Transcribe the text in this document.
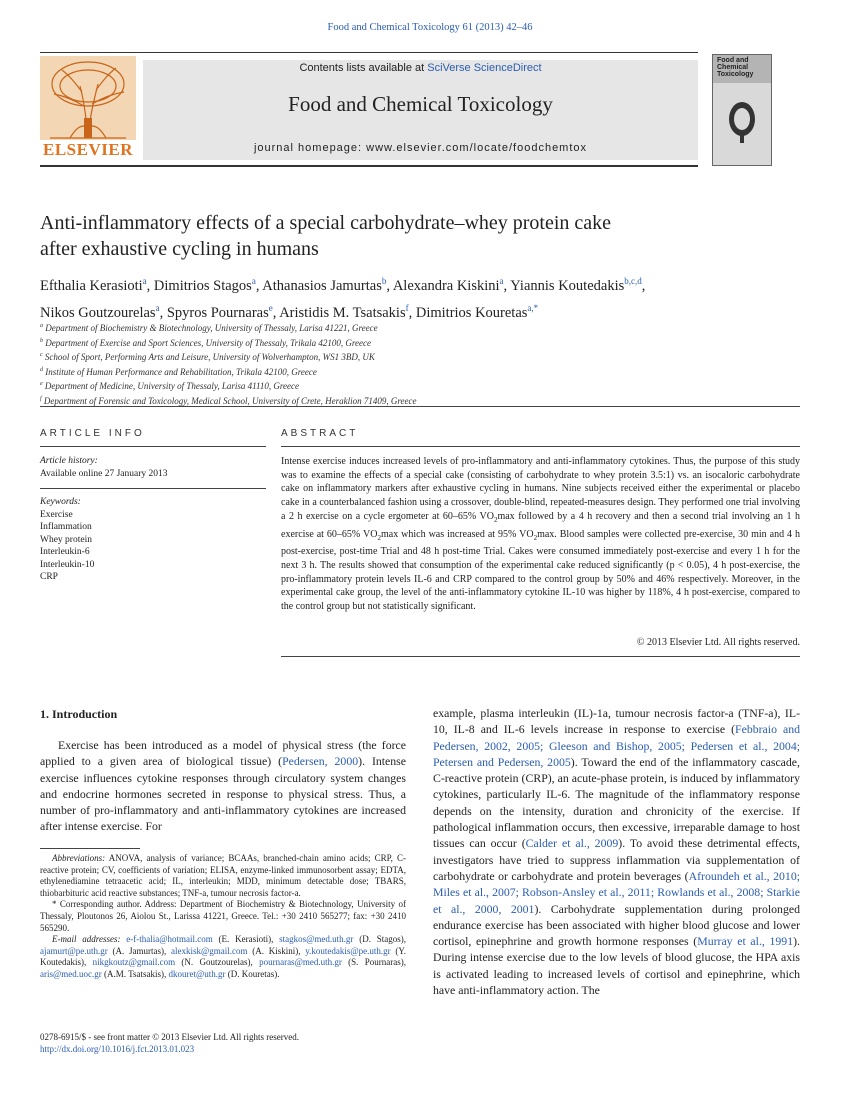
Food and Chemical Toxicology 61 (2013) 42–46
Contents lists available at SciVerse ScienceDirect
Food and Chemical Toxicology
journal homepage: www.elsevier.com/locate/foodchemtox
ELSEVIER
Food and Chemical Toxicology
Anti-inflammatory effects of a special carbohydrate–whey protein cake
after exhaustive cycling in humans
Efthalia Kerasioti$^a$, Dimitrios Stagos$^a$, Athanasios Jamurtas$^b$, Alexandra Kiskini$^a$, Yiannis Koutedakis$^{b,c,d}$,
Nikos Goutzourelas$^a$, Spyros Pournaras$^e$, Aristidis M. Tsatsakis$^f$, Dimitrios Kouretas$^{a,*}$
$^a$ Department of Biochemistry & Biotechnology, University of Thessaly, Larisa 41221, Greece
$^b$ Department of Exercise and Sport Sciences, University of Thessaly, Trikala 42100, Greece
$^c$ School of Sport, Performing Arts and Leisure, University of Wolverhampton, WS1 3BD, UK
$^d$ Institute of Human Performance and Rehabilitation, Trikala 42100, Greece
$^e$ Department of Medicine, University of Thessaly, Larisa 41110, Greece
$^f$ Department of Forensic and Toxicology, Medical School, University of Crete, Heraklion 71409, Greece
ARTICLE INFO
Article history:
Available online 27 January 2013
Keywords:
Exercise
Inflammation
Whey protein
Interleukin-6
Interleukin-10
CRP
ABSTRACT
Intense exercise induces increased levels of pro-inflammatory and anti-inflammatory cytokines. Thus, the purpose of this study was to examine the effects of a special cake (consisting of carbohydrate to whey protein 3.5:1) vs. an isocaloric carbohydrate cake on inflammatory markers after exhaustive cycling in humans. Nine subjects received either the experimental or placebo cake in a counterbalanced fashion using a crossover, double-blind, repeated-measures design. They performed one trial involving a 2 h exercise on a cycle ergometer at 60–65% $VO_2\max$ followed by a 4 h recovery and then a second trial involving an 1 h exercise at 60–65% $VO_2\max$ which was increased at 95% $VO_2\max$. Blood samples were collected pre-exercise, 30 min and 4 h post-exercise, post-time Trial and 48 h post-time Trial. Cakes were consumed immediately post-exercise and every 1 h for the next 3 h. The results showed that consumption of the experimental cake reduced significantly (p < 0.05), 4 h post-exercise, the pro-inflammatory protein levels IL-6 and CRP compared to the control group by 50% and 46% respectively. Moreover, in the experimental cake group, the level of the anti-inflammatory cytokine IL-10 was higher by 118%, 4 h post-exercise, compared to the control group but not statistically significant.
© 2013 Elsevier Ltd. All rights reserved.
1. Introduction
Exercise has been introduced as a model of physical stress (the force applied to a given area of biological tissue) (Pedersen, 2000). Intense exercise influences cytokine responses through circulatory system changes and endocrine hormones secreted in response to physical stress. Thus, a number of pro-inflammatory and anti-inflammatory cytokines are increased after intense exercise. For
example, plasma interleukin (IL)-1a, tumour necrosis factor-a (TNF-a), IL-10, IL-8 and IL-6 levels increase in response to exercise (Febbraio and Pedersen, 2002, 2005; Gleeson and Bishop, 2005; Pedersen et al., 2004; Petersen and Pedersen, 2005). Toward the end of the inflammatory cascade, C-reactive protein (CRP), an acute-phase protein, is induced by inflammatory cytokines, particularly IL-6. The magnitude of the inflammatory response depends on the intensity, duration and chronicity of the exercise. If pathological inflammation occurs, then excessive, irreparable damage to host tissues can occur (Calder et al., 2009). To avoid these detrimental effects, investigators have tried to suppress inflammation via supplementation of carbohydrate or carbohydrate and protein beverages (Afroundeh et al., 2010; Miles et al., 2007; Robson-Ansley et al., 2011; Rowlands et al., 2008; Starkie et al., 2000, 2001). Carbohydrate supplementation during prolonged endurance exercise has been associated with higher blood glucose and lower cortisol, epinephrine and growth hormone responses (Murray et al., 1991). During intense exercise due to the low levels of blood glucose, the HPA axis is activated leading to increased levels of cortisol and epinephrine, which have anti-inflammatory action. The

Abbreviations: ANOVA, analysis of variance; BCAAs, branched-chain amino acids; CRP, C-reactive protein; CV, coefficients of variation; ELISA, enzyme-linked immunosorbent assay; EDTA, ethylenediamine tetraacetic acid; IL, interleukin; MDD, minimum detectable dose; TBARS, thiobarbituric acid reactive substances; TNF-a, tumour necrosis factor-a.

* Corresponding author. Address: Department of Biochemistry & Biotechnology, University of Thessaly, Ploutonos 26, Aiolou St., Larissa 41221, Greece. Tel.: +30 2410 565277; fax: +30 2410 565290.

E-mail addresses: e-f-thalia@hotmail.com (E. Kerasioti), stagkos@med.uth.gr (D. Stagos), ajamurt@pe.uth.gr (A. Jamurtas), alexkisk@gmail.com (A. Kiskini), y.koutedakis@pe.uth.gr (Y. Koutedakis), nikgkoutz@gmail.com (N. Goutzourelas), pournaras@med.uth.gr (S. Pournaras), aris@med.uoc.gr (A.M. Tsatsakis), dkouret@uth.gr (D. Kouretas).

0278-6915/$ - see front matter © 2013 Elsevier Ltd. All rights reserved.
http://dx.doi.org/10.1016/j.fct.2013.01.023
